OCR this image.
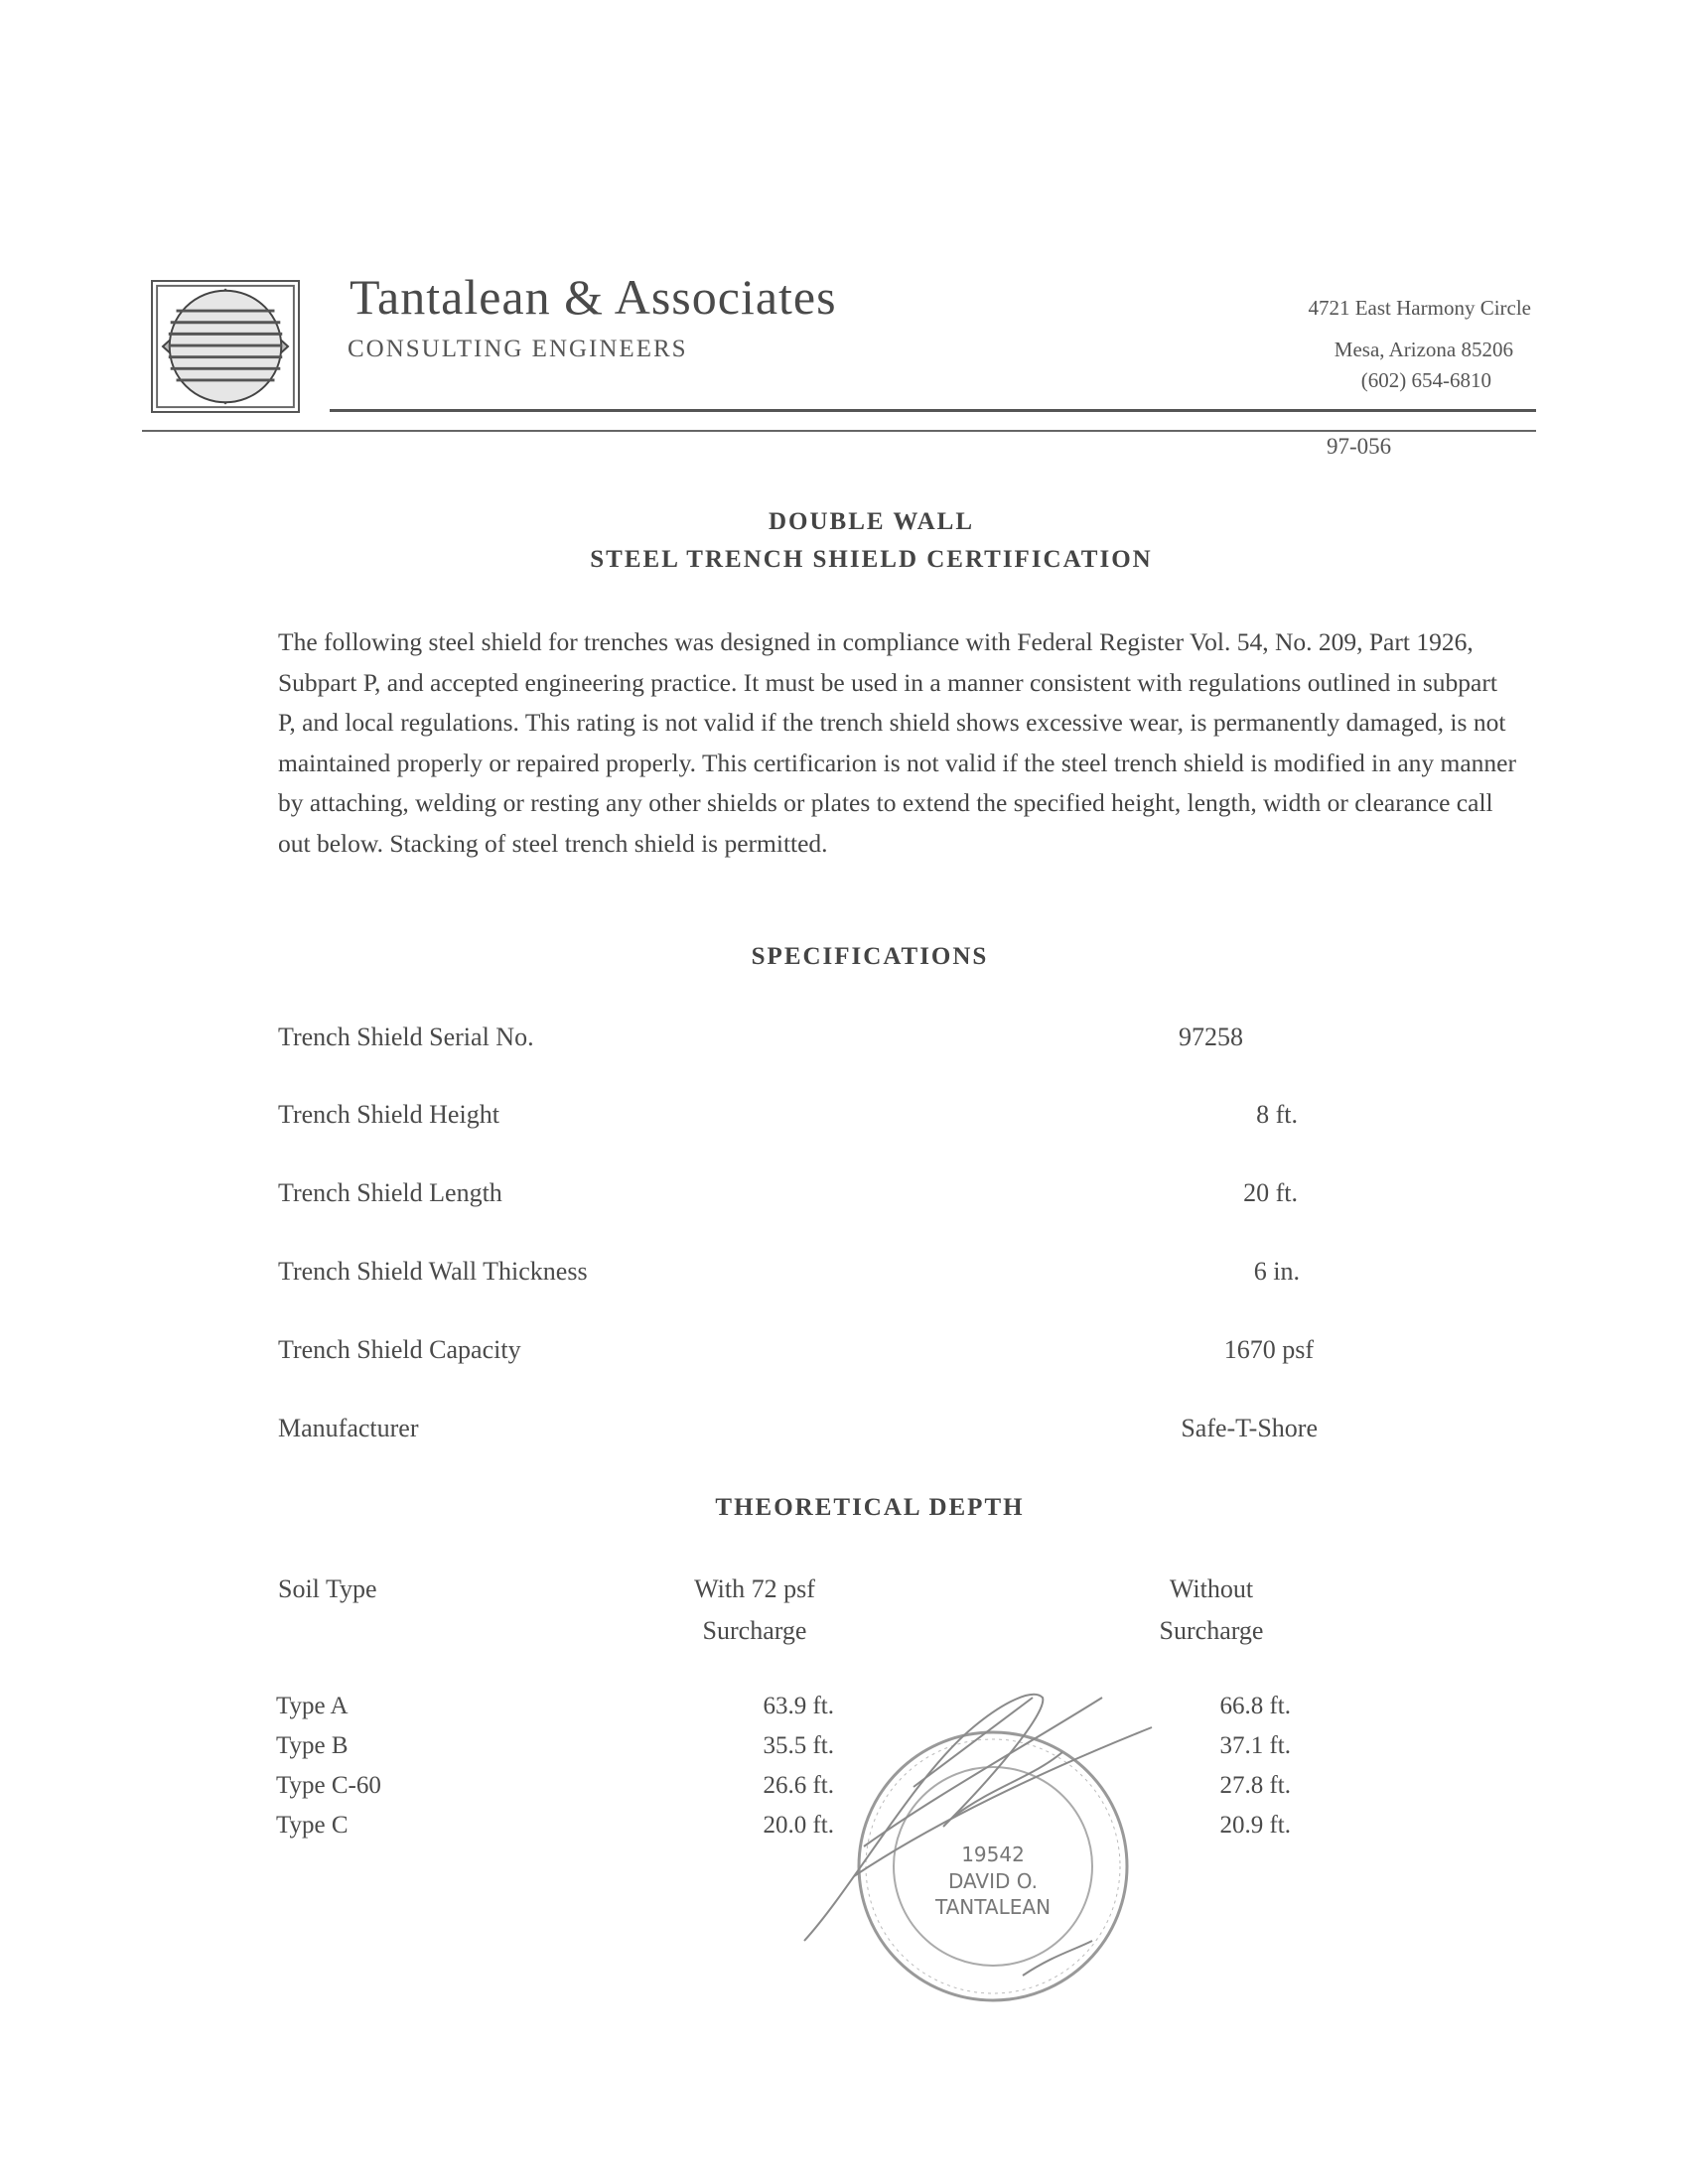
Tantalean & Associates
CONSULTING ENGINEERS
4721 East Harmony Circle
Mesa, Arizona 85206
(602) 654-6810
97-056
DOUBLE WALL
STEEL TRENCH SHIELD CERTIFICATION
The following steel shield for trenches was designed in compliance with Federal Register Vol. 54, No. 209, Part 1926, Subpart P, and accepted engineering practice. It must be used in a manner consistent with regulations outlined in subpart P, and local regulations. This rating is not valid if the trench shield shows excessive wear, is permanently damaged, is not maintained properly or repaired properly. This certificarion is not valid if the steel trench shield is modified in any manner by attaching, welding or resting any other shields or plates to extend the specified height, length, width or clearance call out below. Stacking of steel trench shield is permitted.
SPECIFICATIONS
Trench Shield Serial No.	97258
Trench Shield Height	8 ft.
Trench Shield Length	20 ft.
Trench Shield Wall Thickness	6 in.
Trench Shield Capacity	1670 psf
Manufacturer	Safe-T-Shore
THEORETICAL DEPTH
Soil Type	With 72 psf
Surcharge
Without
Surcharge
Type A	63.9 ft.	66.8 ft.
Type B	35.5 ft.	37.1 ft.
Type C-60	26.6 ft.	27.8 ft.
Type C	20.0 ft.	20.9 ft.
19542
DAVID O.
TANTALEAN
